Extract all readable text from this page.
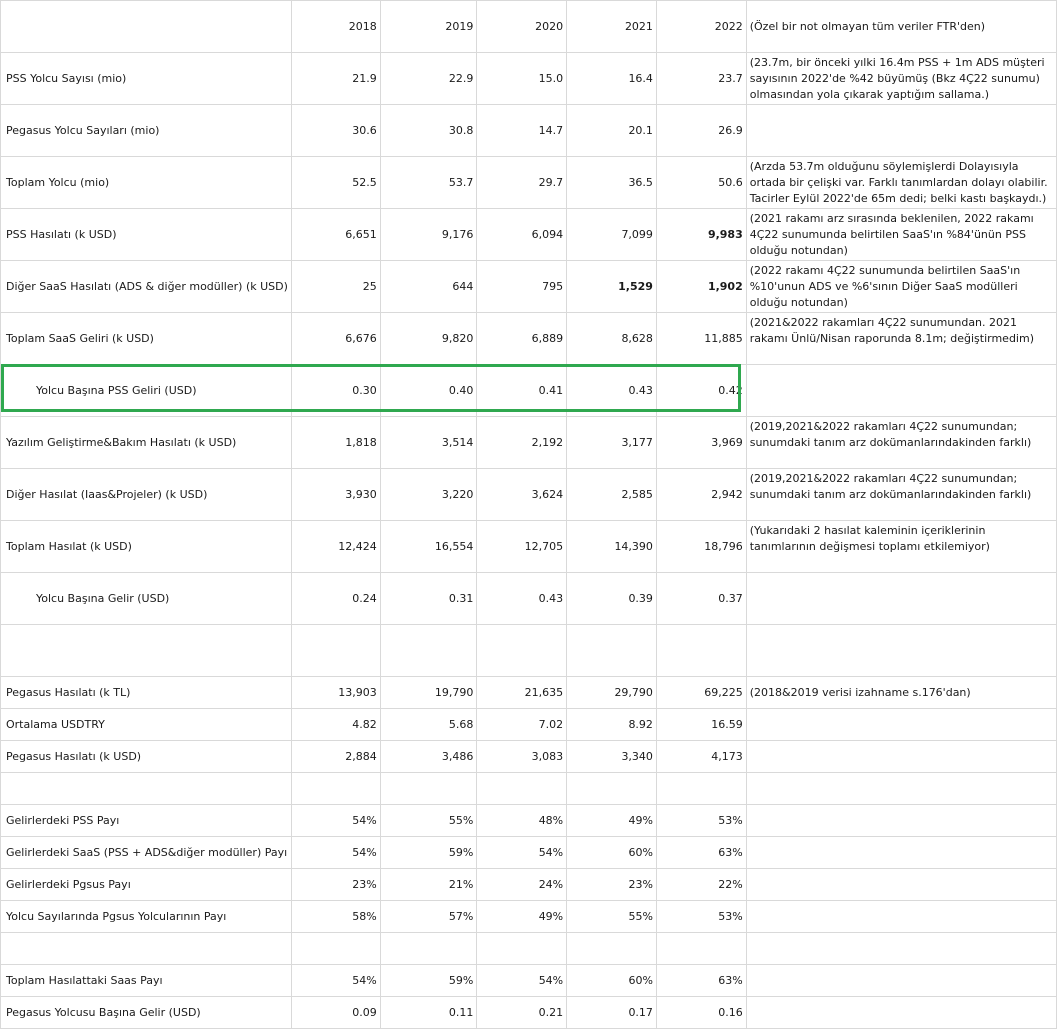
	2018	2019	2020	2021	2022	(Özel bir not olmayan tüm veriler FTR'den)
PSS Yolcu Sayısı (mio)	21.9	22.9	15.0	16.4	23.7	(23.7m, bir önceki yılki 16.4m PSS + 1m ADS müşteri sayısının 2022'de %42 büyümüş (Bkz 4Ç22 sunumu) olmasından yola çıkarak yaptığım sallama.)
Pegasus Yolcu Sayıları (mio)	30.6	30.8	14.7	20.1	26.9	
Toplam Yolcu (mio)	52.5	53.7	29.7	36.5	50.6	(Arzda 53.7m olduğunu söylemişlerdi Dolayısıyla ortada bir çelişki var. Farklı tanımlardan dolayı olabilir. Tacirler Eylül 2022'de 65m dedi; belki kastı başkaydı.)
PSS Hasılatı (k USD)	6,651	9,176	6,094	7,099	9,983	(2021 rakamı arz sırasında beklenilen, 2022 rakamı 4Ç22 sunumunda belirtilen SaaS'ın %84'ünün PSS olduğu notundan)
Diğer SaaS Hasılatı (ADS & diğer modüller) (k USD)	25	644	795	1,529	1,902	(2022 rakamı 4Ç22 sunumunda belirtilen SaaS'ın %10'unun ADS ve %6'sının Diğer SaaS modülleri olduğu notundan)
Toplam SaaS Geliri (k USD)	6,676	9,820	6,889	8,628	11,885	(2021&2022 rakamları 4Ç22 sunumundan. 2021 rakamı Ünlü/Nisan raporunda 8.1m; değiştirmedim)
Yolcu Başına PSS Geliri (USD)	0.30	0.40	0.41	0.43	0.42	
Yazılım Geliştirme&Bakım Hasılatı (k USD)	1,818	3,514	2,192	3,177	3,969	(2019,2021&2022 rakamları 4Ç22 sunumundan; sunumdaki tanım arz dokümanlarındakinden farklı)
Diğer Hasılat (Iaas&Projeler) (k USD)	3,930	3,220	3,624	2,585	2,942	(2019,2021&2022 rakamları 4Ç22 sunumundan; sunumdaki tanım arz dokümanlarındakinden farklı)
Toplam Hasılat (k USD)	12,424	16,554	12,705	14,390	18,796	(Yukarıdaki 2 hasılat kaleminin içeriklerinin tanımlarının değişmesi toplamı etkilemiyor)
Yolcu Başına Gelir (USD)	0.24	0.31	0.43	0.39	0.37	

Pegasus Hasılatı (k TL)	13,903	19,790	21,635	29,790	69,225	(2018&2019 verisi izahname s.176'dan)
Ortalama USDTRY	4.82	5.68	7.02	8.92	16.59	
Pegasus Hasılatı (k USD)	2,884	3,486	3,083	3,340	4,173	

Gelirlerdeki PSS Payı	54%	55%	48%	49%	53%	
Gelirlerdeki SaaS (PSS + ADS&diğer modüller) Payı	54%	59%	54%	60%	63%	
Gelirlerdeki Pgsus Payı	23%	21%	24%	23%	22%	
Yolcu Sayılarında Pgsus Yolcularının Payı	58%	57%	49%	55%	53%	

Toplam Hasılattaki Saas Payı	54%	59%	54%	60%	63%	
Pegasus Yolcusu Başına Gelir (USD)	0.09	0.11	0.21	0.17	0.16	
